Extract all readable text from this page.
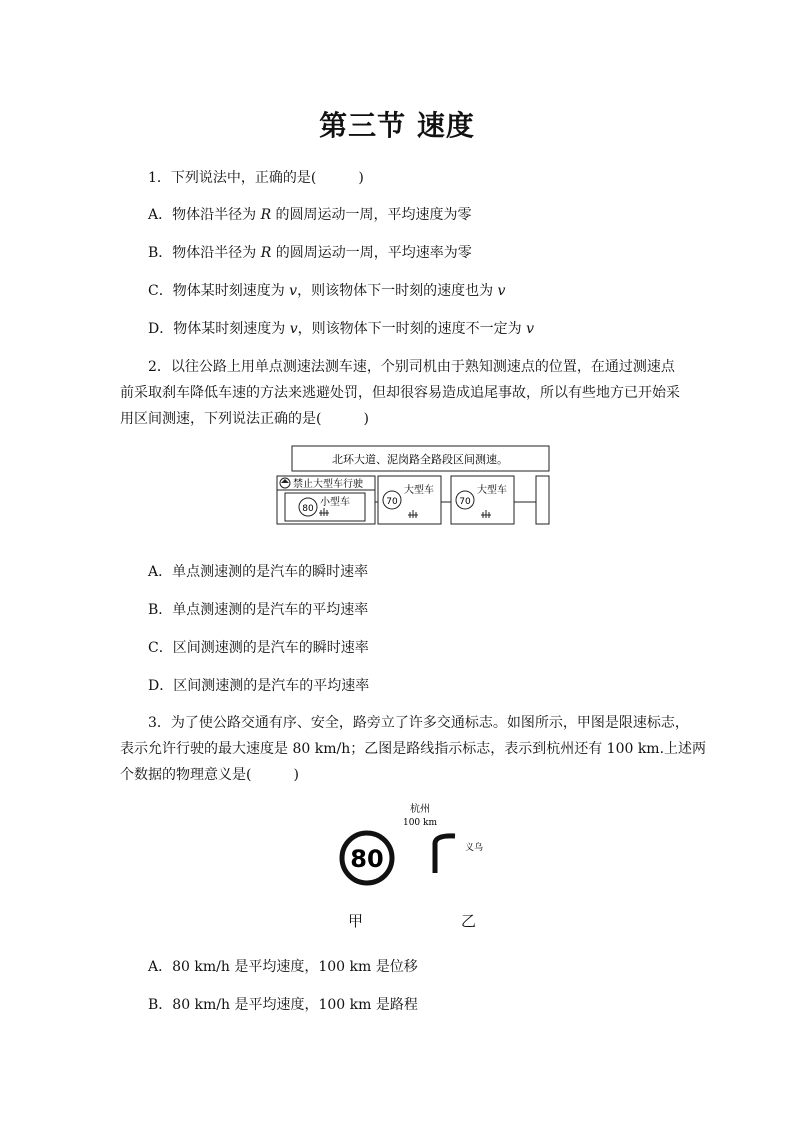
第三节 速度

1．下列说法中，正确的是(　　　)

A．物体沿半径为 R 的圆周运动一周，平均速度为零

B．物体沿半径为 R 的圆周运动一周，平均速率为零

C．物体某时刻速度为 v，则该物体下一时刻的速度也为 v

D．物体某时刻速度为 v，则该物体下一时刻的速度不一定为 v

2．以往公路上用单点测速法测车速，个别司机由于熟知测速点的位置，在通过测速点

前采取刹车降低车速的方法来逃避处罚，但却很容易造成追尾事故，所以有些地方已开始采

用区间测速，下列说法正确的是(　　　)

北环大道、泥岗路全路段区间测速。
禁止大型车行驶
80
小型车	70
大型车
70
大型车

A．单点测速测的是汽车的瞬时速率

B．单点测速测的是汽车的平均速率

C．区间测速测的是汽车的瞬时速率

D．区间测速测的是汽车的平均速率

3．为了使公路交通有序、安全，路旁立了许多交通标志。如图所示，甲图是限速标志，

表示允许行驶的最大速度是 80 km/h；乙图是路线指示标志，表示到杭州还有 100 km.上述两

个数据的物理意义是(　　　)

80
杭州
100 km
义乌
甲	乙

A．80 km/h 是平均速度，100 km 是位移

B．80 km/h 是平均速度，100 km 是路程
